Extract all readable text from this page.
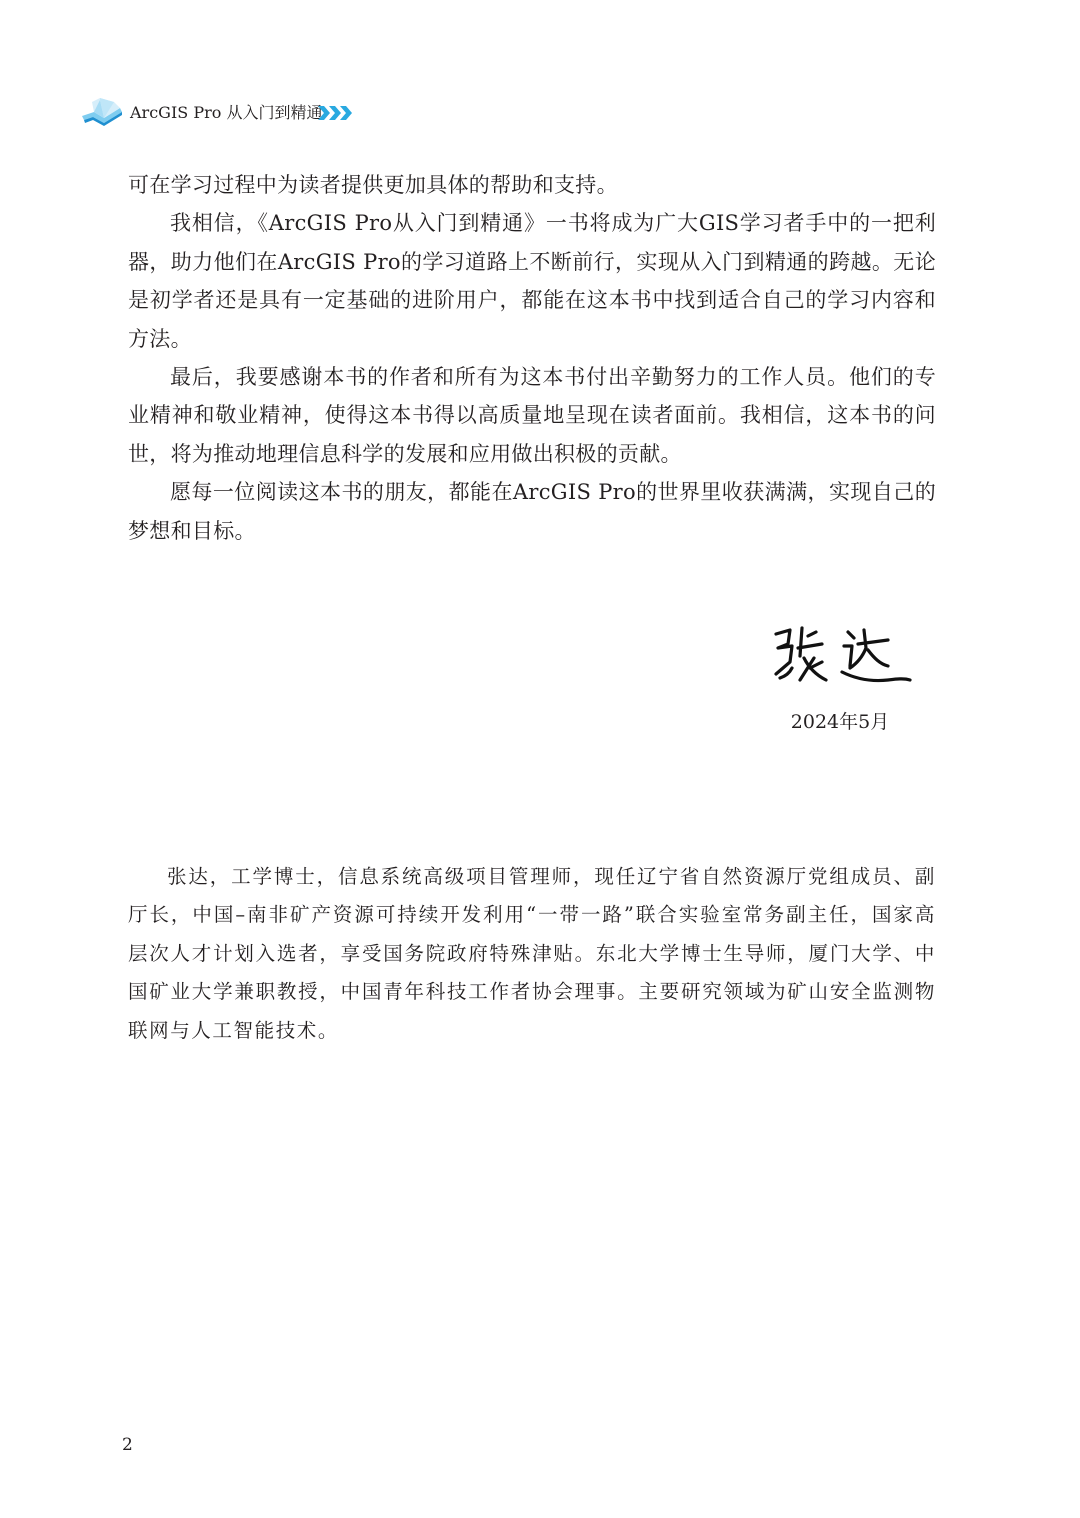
ArcGIS Pro 从入门到精通

可在学习过程中为读者提供更加具体的帮助和支持。

我相信，《ArcGIS Pro从入门到精通》一书将成为广大GIS学习者手中的一把利器，助力他们在ArcGIS Pro的学习道路上不断前行，实现从入门到精通的跨越。无论是初学者还是具有一定基础的进阶用户，都能在这本书中找到适合自己的学习内容和方法。

最后，我要感谢本书的作者和所有为这本书付出辛勤努力的工作人员。他们的专业精神和敬业精神，使得这本书得以高质量地呈现在读者面前。我相信，这本书的问世，将为推动地理信息科学的发展和应用做出积极的贡献。

愿每一位阅读这本书的朋友，都能在ArcGIS Pro的世界里收获满满，实现自己的梦想和目标。

2024年5月

张达，工学博士，信息系统高级项目管理师，现任辽宁省自然资源厅党组成员、副厅长，中国–南非矿产资源可持续开发利用“一带一路”联合实验室常务副主任，国家高层次人才计划入选者，享受国务院政府特殊津贴。东北大学博士生导师，厦门大学、中国矿业大学兼职教授，中国青年科技工作者协会理事。主要研究领域为矿山安全监测物联网与人工智能技术。

2
